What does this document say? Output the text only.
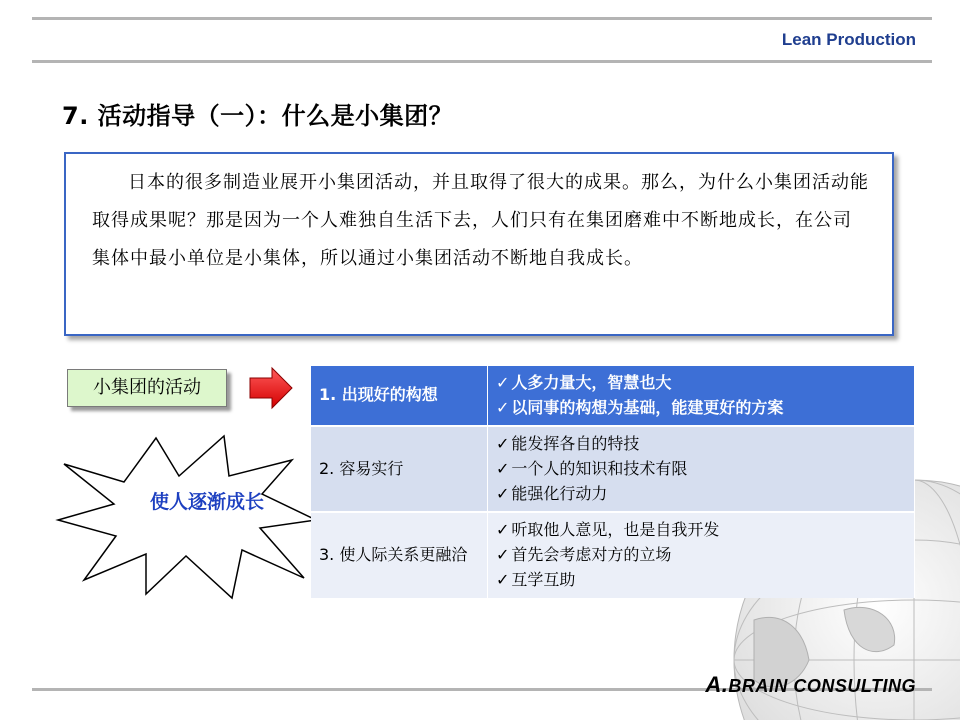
Lean Production
7. 活动指导（一）：什么是小集团？

日本的很多制造业展开小集团活动，并且取得了很大的成果。那么，为什么小集团活动能取得成果呢？那是因为一个人难独自生活下去，人们只有在集团磨难中不断地成长，在公司集体中最小单位是小集体，所以通过小集团活动不断地自我成长。

小集团的活动
使人逐渐成长
1. 出现好的构想	✓ 人多力量大，智慧也大
✓ 以同事的构想为基础，能建更好的方案

2. 容易实行	✓ 能发挥各自的特技
✓ 一个人的知识和技术有限
✓ 能强化行动力

3. 使人际关系更融洽	✓ 听取他人意见，也是自我开发
✓ 首先会考虑对方的立场
✓ 互学互助
A.BRAIN CONSULTING
